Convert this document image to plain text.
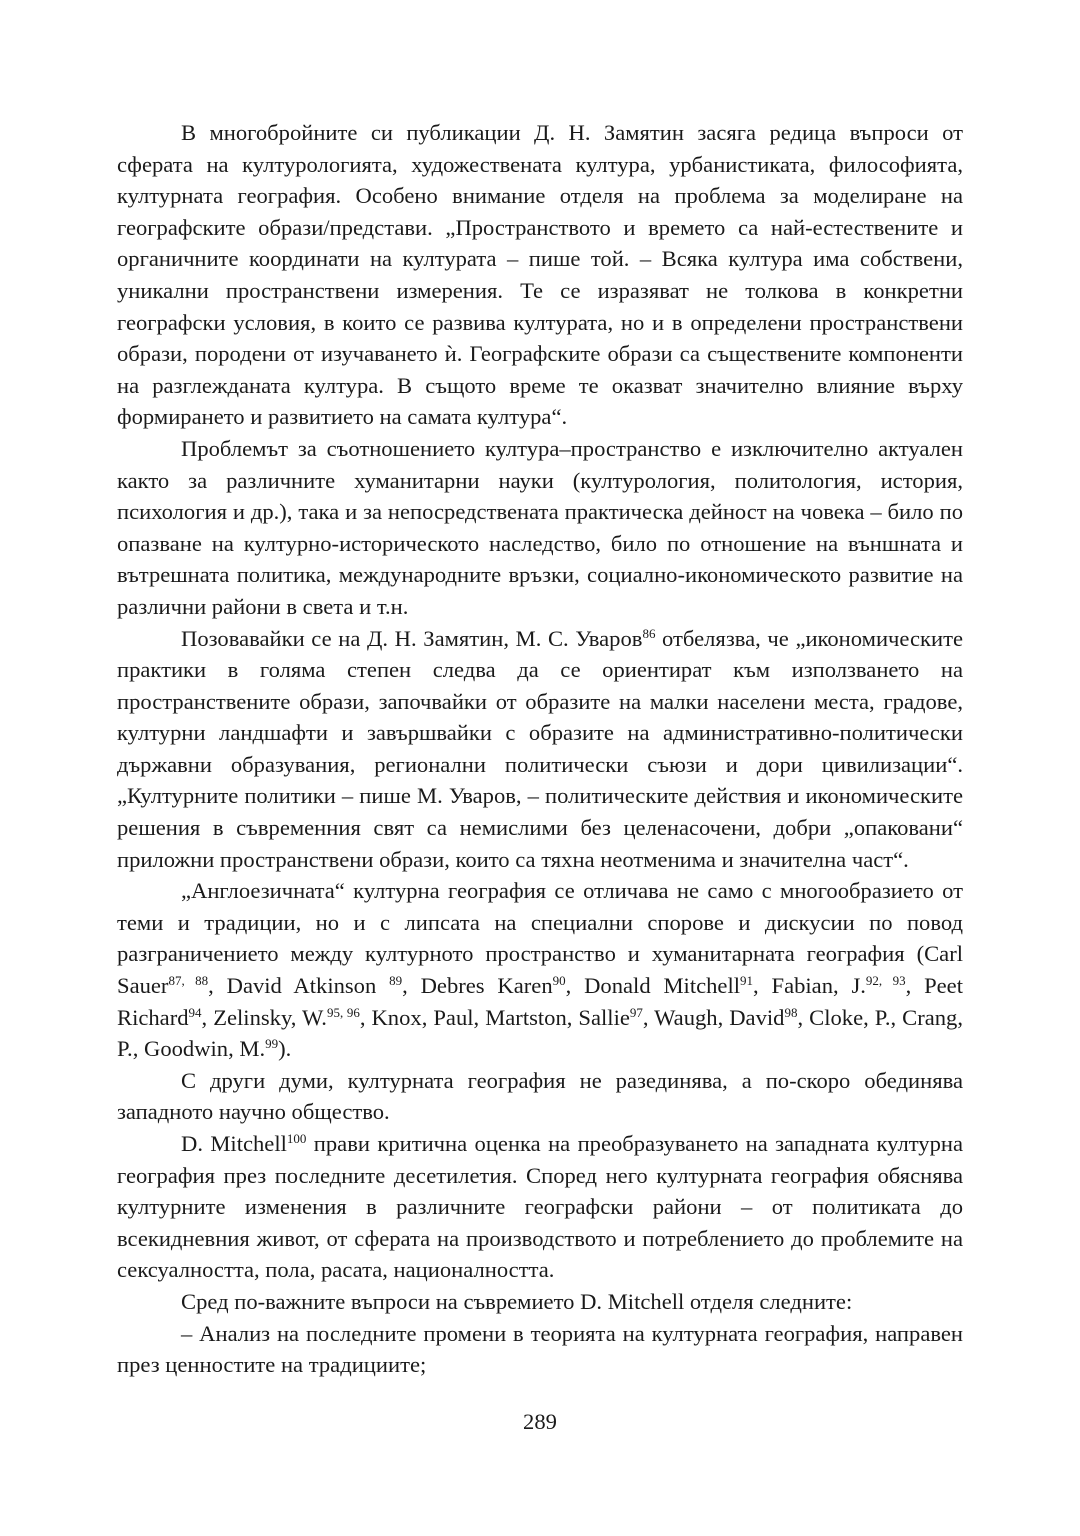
В многобройните си публикации Д. Н. Замятин засяга редица въпроси от сферата на културологията, художествената култура, урбанистиката, философията, културната география. Особено внимание отделя на проблема за моделиране на географските образи/представи. „Пространството и времето са най-естествените и органичните координати на културата – пише той. – Всяка култура има собствени, уникални пространствени измерения. Те се изразяват не толкова в конкретни географски условия, в които се развива културата, но и в определени пространствени образи, породени от изучаването ѝ. Географските образи са съществените компоненти на разглежданата култура. В същото време те оказват значително влияние върху формирането и развитието на самата култура“.

Проблемът за съотношението култура–пространство е изключително актуален както за различните хуманитарни науки (културология, политология, история, психология и др.), така и за непосредствената практическа дейност на човека – било по опазване на културно-историческото наследство, било по отношение на външната и вътрешната политика, международните връзки, социално-икономическото развитие на различни райони в света и т.н.

Позовавайки се на Д. Н. Замятин, М. С. Уваров$^{86}$ отбелязва, че „икономическите практики в голяма степен следва да се ориентират към използването на пространствените образи, започвайки от образите на малки населени места, градове, културни ландшафти и завършвайки с образите на административно-политически държавни образувания, регионални политически съюзи и дори цивилизации“. „Културните политики – пише М. Уваров, – политическите действия и икономическите решения в съвременния свят са немислими без целенасочени, добри „опаковани“ приложни пространствени образи, които са тяхна неотменима и значителна част“.

„Англоезичната“ културна география се отличава не само с многообразието от теми и традиции, но и с липсата на специални спорове и дискусии по повод разграничението между културното пространство и хуманитарната география (Carl Sauer$^{87, 88}$, David Atkinson $^{89}$, Debres Karen$^{90}$, Donald Mitchell$^{91}$, Fabian, J.$^{92, 93}$, Peet Richard$^{94}$, Zelinsky, W.$^{95, 96}$, Knox, Paul, Martston, Sallie$^{97}$, Waugh, David$^{98}$, Cloke, P., Crang, P., Goodwin, M.$^{99}$).

С други думи, културната география не разединява, а по-скоро обединява западното научно общество.

D. Mitchell$^{100}$ прави критична оценка на преобразуването на западната културна география през последните десетилетия. Според него културната география обяснява културните изменения в различните географски райони – от политиката до всекидневния живот, от сферата на производството и потреблението до проблемите на сексуалността, пола, расата, националността.

Сред по-важните въпроси на съвремието D. Mitchell отделя следните:

– Анализ на последните промени в теорията на културната география, направен през ценностите на традициите;

289
